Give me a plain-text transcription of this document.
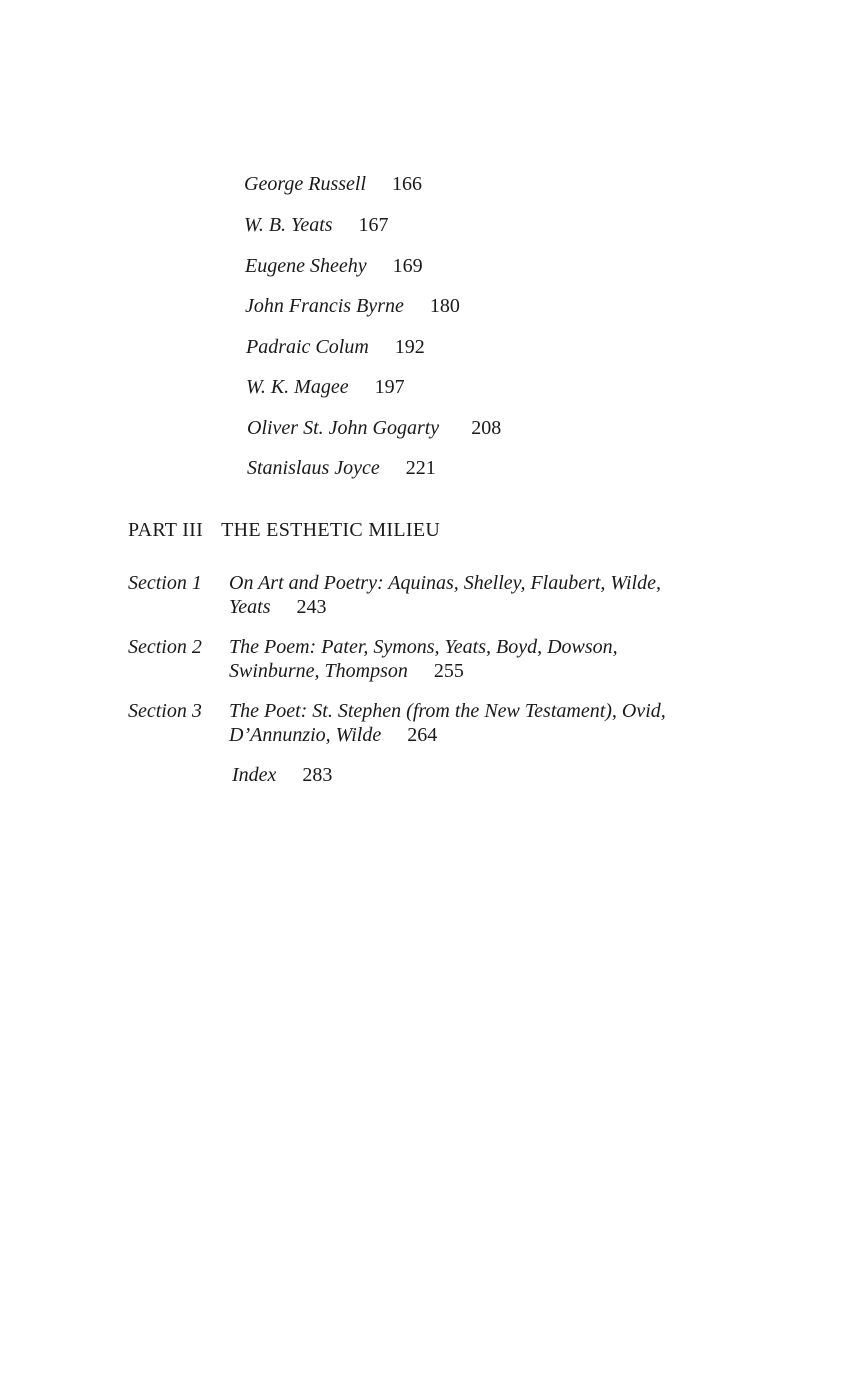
George Russell 166
W. B. Yeats 167
Eugene Sheehy 169
John Francis Byrne 180
Padraic Colum 192
W. K. Magee 197
Oliver St. John Gogarty 208
Stanislaus Joyce 221
PART III THE ESTHETIC MILIEU
Section 1 On Art and Poetry: Aquinas, Shelley, Flaubert, Wilde, Yeats 243
Section 2 The Poem: Pater, Symons, Yeats, Boyd, Dowson, Swinburne, Thompson 255
Section 3 The Poet: St. Stephen (from the New Testament), Ovid, D’Annunzio, Wilde 264
Index 283
